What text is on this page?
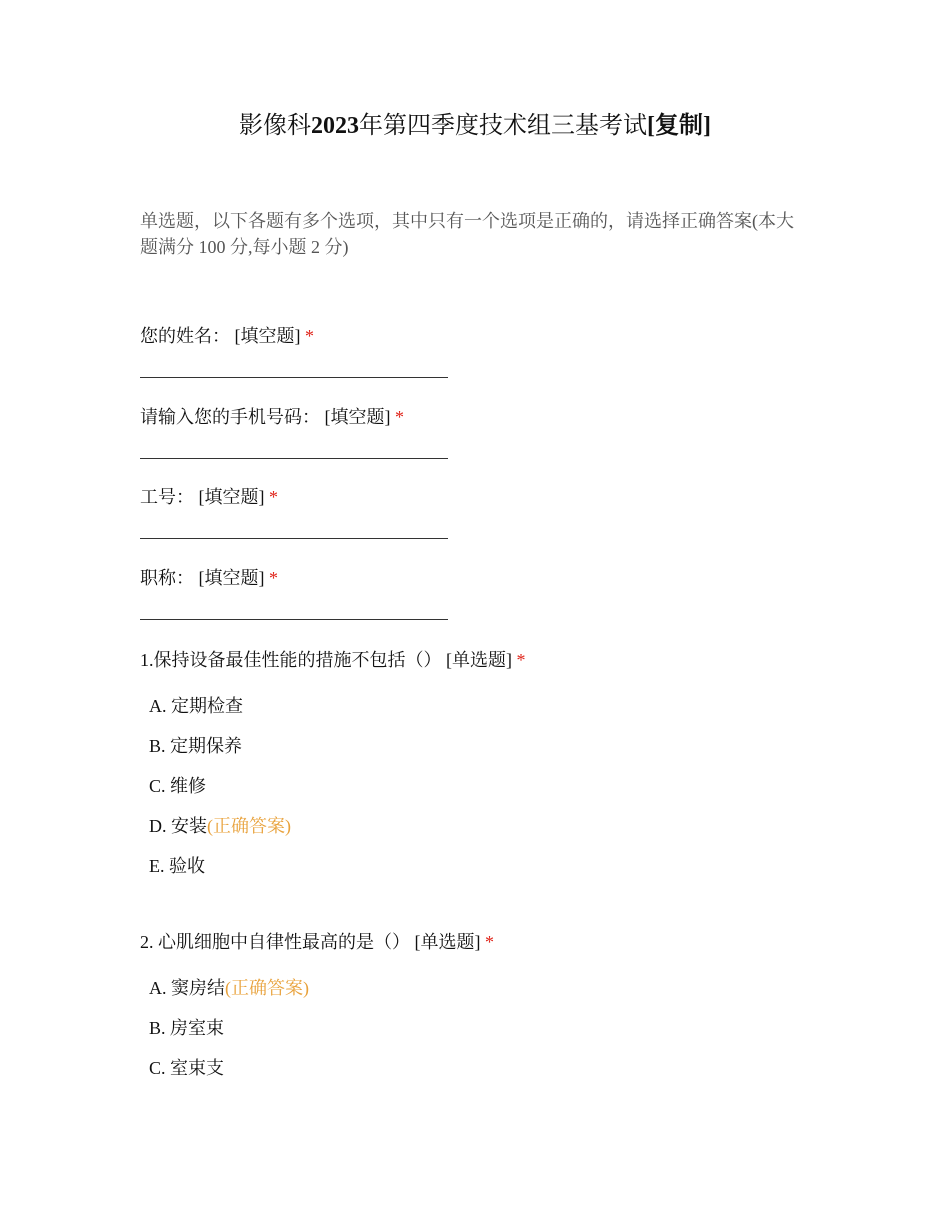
影像科2023年第四季度技术组三基考试[复制]
单选题，以下各题有多个选项，其中只有一个选项是正确的，请选择正确答案(本大题满分 100 分,每小题 2 分)
您的姓名： [填空题] *
请输入您的手机号码： [填空题] *
工号： [填空题] *
职称： [填空题] *
1.保持设备最佳性能的措施不包括（） [单选题] *
A. 定期检查
B. 定期保养
C. 维修
D. 安装(正确答案)
E. 验收
2. 心肌细胞中自律性最高的是（） [单选题] *
A. 窦房结(正确答案)
B. 房室束
C. 室束支
